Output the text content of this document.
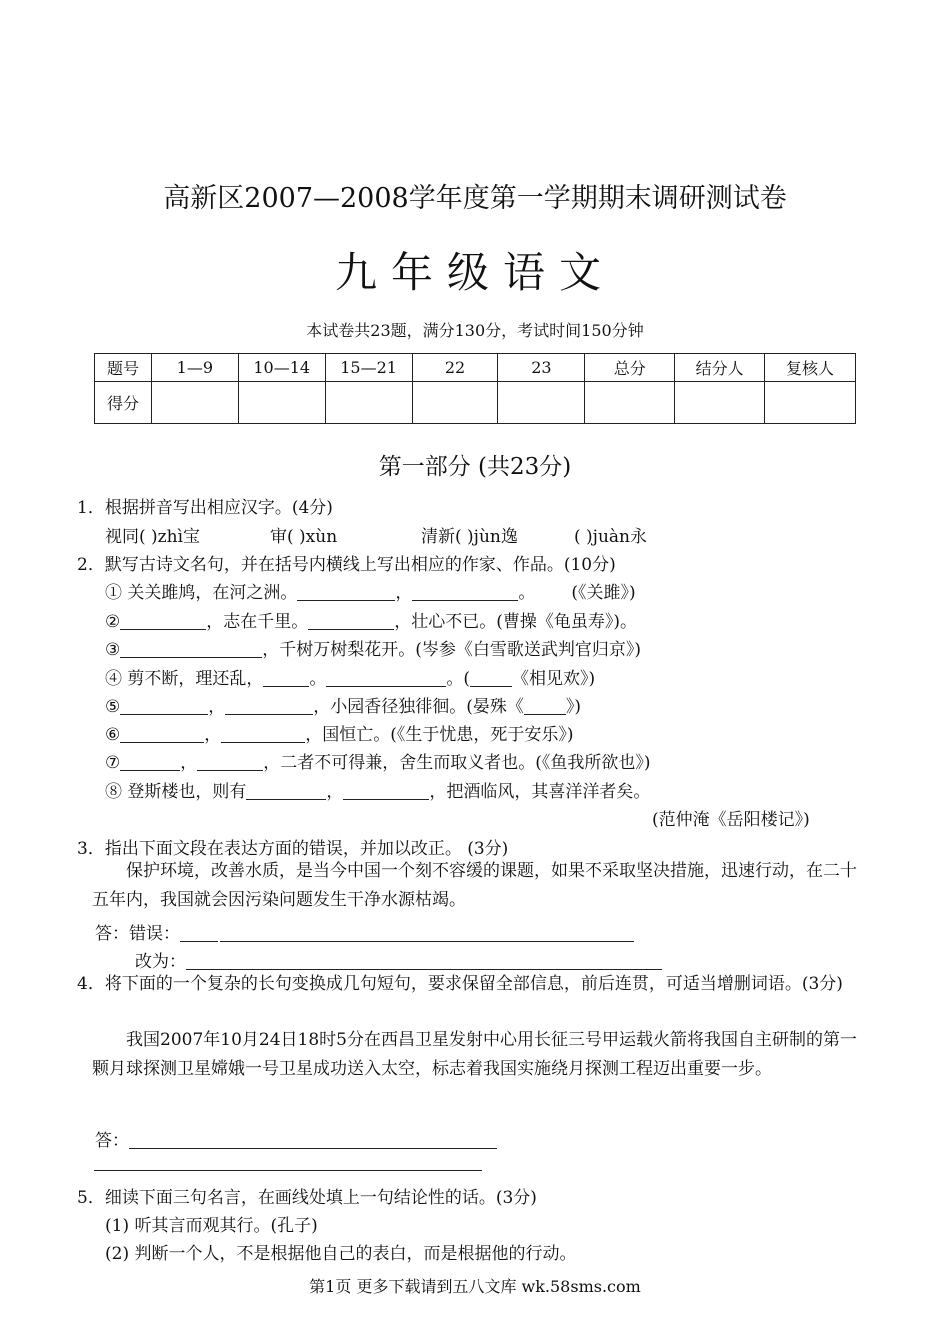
高新区2007—2008学年度第一学期期末调研测试卷
九年级语文
本试卷共23题，满分130分，考试时间150分钟
题号	1—9	10—14	15—21	22	23	总分	结分人	复核人
得分								
第一部分 (共23分)
1．根据拼音写出相应汉字。(4分)
视同( )zhì宝	审( )xùn	清新( )jùn逸	( )juàn永
2．默写古诗文名句，并在括号内横线上写出相应的作家、作品。(10分)
① 关关雎鸠，在河之洲。	，	。 (《关雎》)
②	，志在千里。	，壮心不已。(曹操《龟虽寿》)。
③	，千树万树梨花开。(岑参《白雪歌送武判官归京》)
④ 剪不断，理还乱，	。	。( 《相见欢》)
⑤	，	，小园香径独徘徊。(晏殊《 》)
⑥	，	，国恒亡。(《生于忧患，死于安乐》)
⑦	，	，二者不可得兼，舍生而取义者也。(《鱼我所欲也》)
⑧ 登斯楼也，则有	，	，把酒临风，其喜洋洋者矣。
(范仲淹《岳阳楼记》)
3．指出下面文段在表达方面的错误，并加以改正。 (3分)
保护环境，改善水质，是当今中国一个刻不容缓的课题，如果不采取坚决措施，迅速行动，在二十五年内，我国就会因污染问题发生干净水源枯竭。
答：错误：
改为：
4．将下面的一个复杂的长句变换成几句短句，要求保留全部信息，前后连贯，可适当增删词语。(3分)
我国2007年10月24日18时5分在西昌卫星发射中心用长征三号甲运载火箭将我国自主研制的第一颗月球探测卫星嫦娥一号卫星成功送入太空，标志着我国实施绕月探测工程迈出重要一步。
答：
5．细读下面三句名言，在画线处填上一句结论性的话。(3分)
(1) 听其言而观其行。(孔子)
(2) 判断一个人，不是根据他自己的表白，而是根据他的行动。
第1页 更多下载请到五八文库 wk.58sms.com
